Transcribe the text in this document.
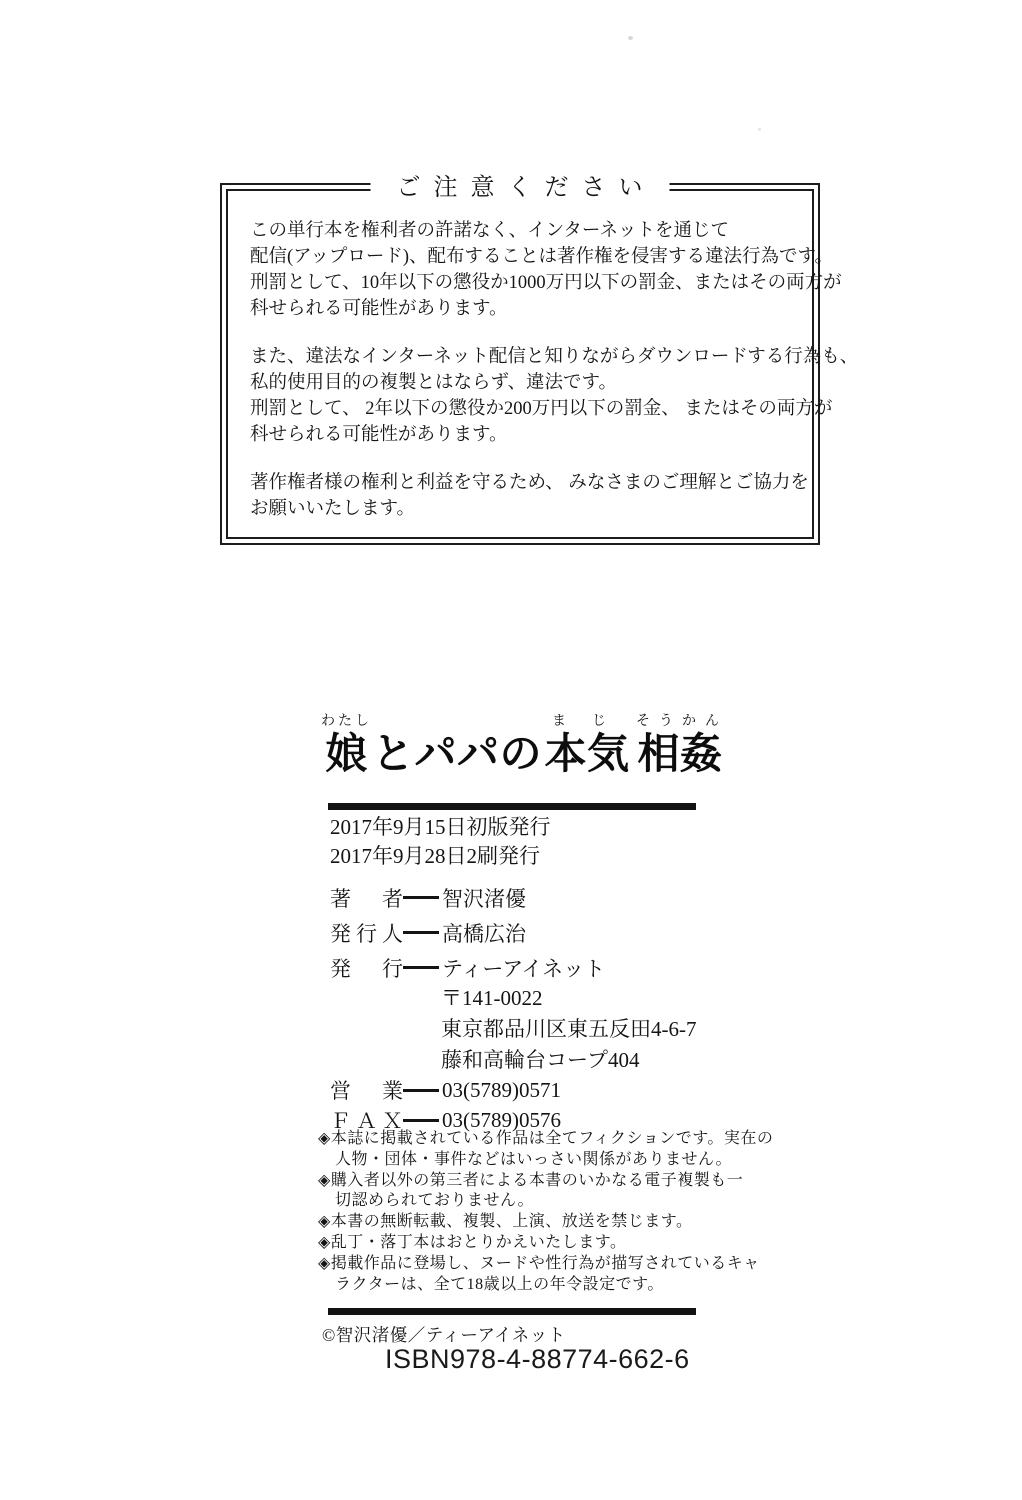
ご注意ください

この単行本を権利者の許諾なく、インターネットを通じて
配信(アップロード)、配布することは著作権を侵害する違法行為です。
刑罰として、10年以下の懲役か1000万円以下の罰金、またはその両方が
科せられる可能性があります。

また、違法なインターネット配信と知りながらダウンロードする行為も、
私的使用目的の複製とはならず、違法です。
刑罰として、 2年以下の懲役か200万円以下の罰金、 またはその両方が
科せられる可能性があります。

著作権者様の権利と利益を守るため、 みなさまのご理解とご協力を
お願いいたします。

わたし
娘 とパパの
まじ
本気
そうかん
相姦
2017年9月15日初版発行
2017年9月28日2刷発行
著　者 智沢渚優
発行人 高橋広治
発　行 ティーアイネット
〒141-0022
東京都品川区東五反田4-6-7
藤和高輪台コープ404
営　業 03(5789)0571
ＦＡＸ 03(5789)0576
◈本誌に掲載されている作品は全てフィクションです。実在の
人物・団体・事件などはいっさい関係がありません。
◈購入者以外の第三者による本書のいかなる電子複製も一
切認められておりません。
◈本書の無断転載、複製、上演、放送を禁じます。
◈乱丁・落丁本はおとりかえいたします。
◈掲載作品に登場し、ヌードや性行為が描写されているキャ
ラクターは、全て18歳以上の年令設定です。
©智沢渚優／ティーアイネット
ISBN978-4-88774-662-6
